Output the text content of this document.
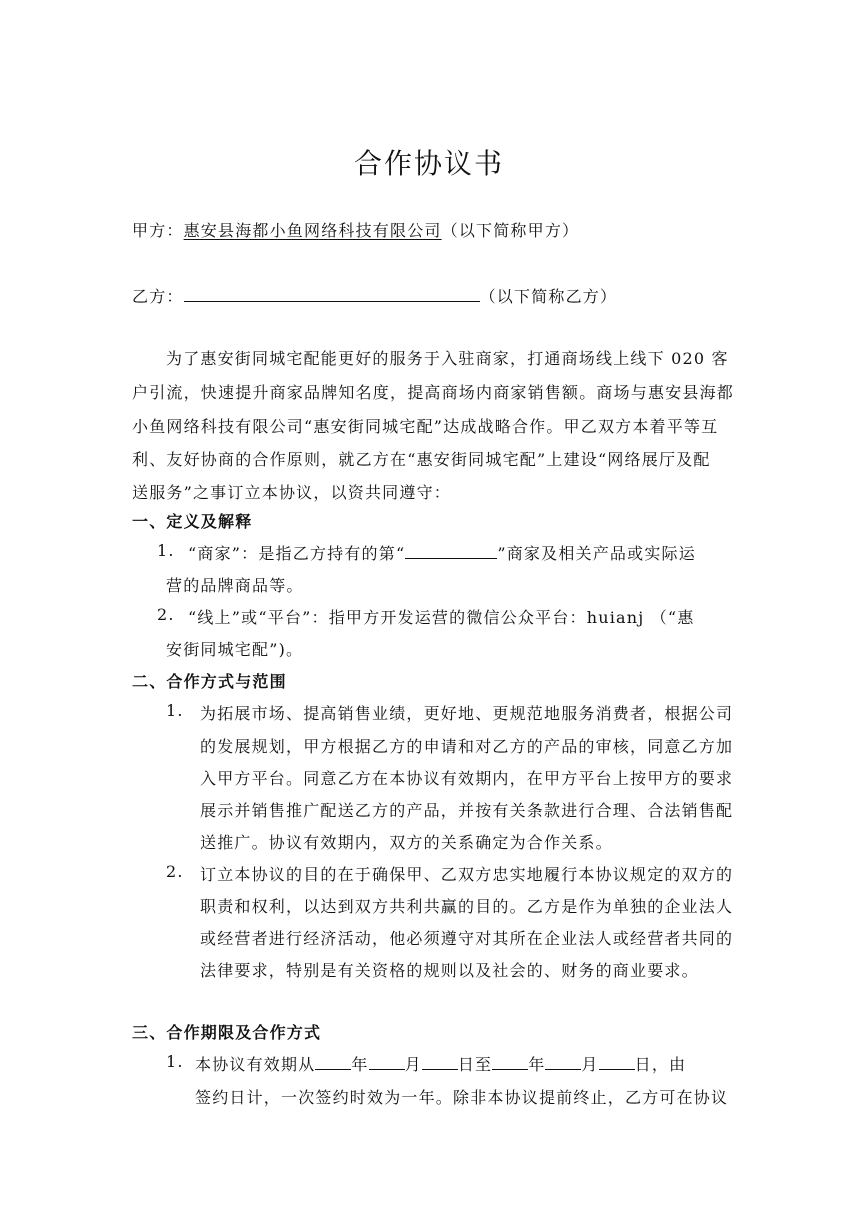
合作协议书
甲方：惠安县海都小鱼网络科技有限公司（以下简称甲方）
乙方：	（以下简称乙方）
为了惠安街同城宅配能更好的服务于入驻商家，打通商场线上线下 020 客
户引流，快速提升商家品牌知名度，提高商场内商家销售额。商场与惠安县海都
小鱼网络科技有限公司“惠安街同城宅配”达成战略合作。甲乙双方本着平等互
利、友好协商的合作原则，就乙方在“惠安街同城宅配”上建设“网络展厅及配
送服务”之事订立本协议，以资共同遵守：
一、定义及解释
1. “商家”：是指乙方持有的第“	”商家及相关产品或实际运
营的品牌商品等。
2. “线上”或“平台”：指甲方开发运营的微信公众平台：huianj （“惠
安街同城宅配”)。
二、合作方式与范围
1. 为拓展市场、提高销售业绩，更好地、更规范地服务消费者，根据公司
的发展规划，甲方根据乙方的申请和对乙方的产品的审核，同意乙方加
入甲方平台。同意乙方在本协议有效期内，在甲方平台上按甲方的要求
展示并销售推广配送乙方的产品，并按有关条款进行合理、合法销售配
送推广。协议有效期内，双方的关系确定为合作关系。
2. 订立本协议的目的在于确保甲、乙双方忠实地履行本协议规定的双方的
职责和权利，以达到双方共利共赢的目的。乙方是作为单独的企业法人
或经营者进行经济活动，他必须遵守对其所在企业法人或经营者共同的
法律要求，特别是有关资格的规则以及社会的、财务的商业要求。
三、合作期限及合作方式
1. 本协议有效期从 年 月 日至 年 月 日，由
签约日计，一次签约时效为一年。除非本协议提前终止，乙方可在协议
